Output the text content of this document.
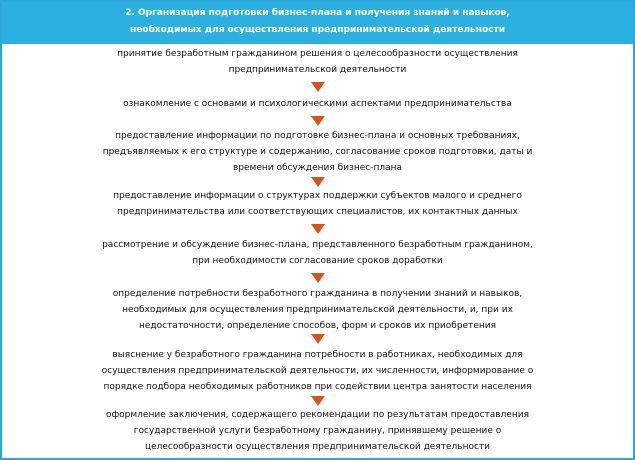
2. Организация подготовки бизнес-плана и получения знаний и навыков,
необходимых для осуществления предпринимательской деятельности
принятие безработным гражданином решения о целесообразности осуществления
предпринимательской деятельности
ознакомление с основами и психологическими аспектами предпринимательства
предоставление информации по подготовке бизнес-плана и основных требованиях,
предъявляемых к его структуре и содержанию, согласование сроков подготовки, даты и
времени обсуждения бизнес-плана
предоставление информации о структурах поддержки субъектов малого и среднего
предпринимательства или соответствующих специалистов, их контактных данных
рассмотрение и обсуждение бизнес-плана, представленного безработным гражданином,
при необходимости согласование сроков доработки
определение потребности безработного гражданина в получении знаний и навыков,
необходимых для осуществления предпринимательской деятельности, и, при их
недостаточности, определение способов, форм и сроков их приобретения
выяснение у безработного гражданина потребности в работниках, необходимых для
осуществления предпринимательской деятельности, их численности, информирование о
порядке подбора необходимых работников при содействии центра занятости населения
оформление заключения, содержащего рекомендации по результатам предоставления
государственной услуги безработному гражданину, принявшему решение о
целесообразности осуществления предпринимательской деятельности
